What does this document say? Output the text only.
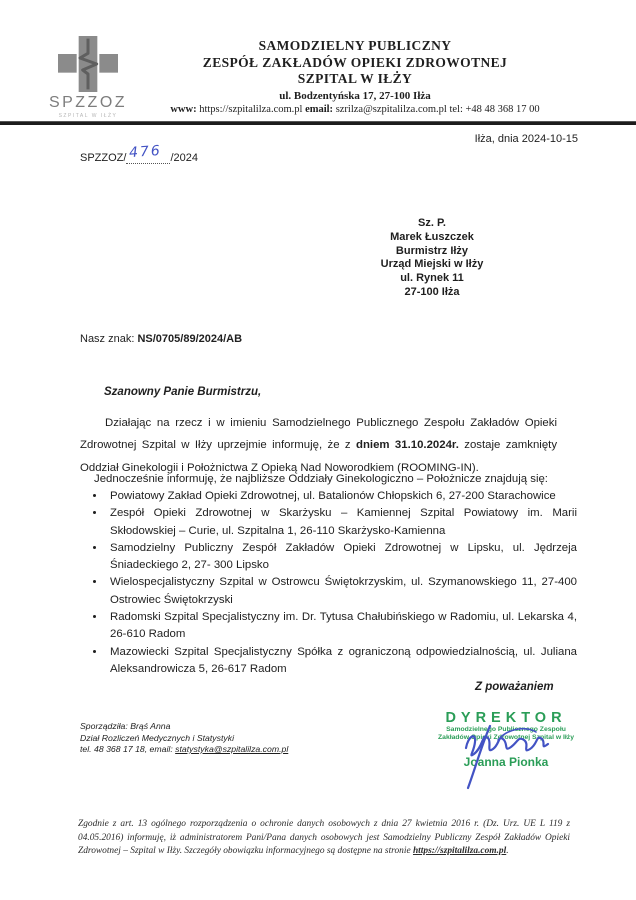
SPZZOZ
SZPITAL W IŁŻY
SAMODZIELNY PUBLICZNY
ZESPÓŁ ZAKŁADÓW OPIEKI ZDROWOTNEJ
SZPITAL W IŁŻY
ul. Bodzentyńska 17, 27-100 Iłża
www: https://szpitalilza.com.pl email: szrilza@szpitalilza.com.pl tel: +48 48 368 17 00
Iłża, dnia 2024-10-15
SPZZOZ/ 476 /2024
Sz. P.
Marek Łuszczek
Burmistrz Iłży
Urząd Miejski w Iłży
ul. Rynek 11
27-100 Iłża
Nasz znak: NS/0705/89/2024/AB
Szanowny Panie Burmistrzu,
Działając na rzecz i w imieniu Samodzielnego Publicznego Zespołu Zakładów Opieki Zdrowotnej Szpital w Iłży uprzejmie informuję, że z dniem 31.10.2024r. zostaje zamknięty Oddział Ginekologii i Położnictwa Z Opieką Nad Noworodkiem (ROOMING-IN).
Jednocześnie informuję, że najbliższe Oddziały Ginekologiczno – Położnicze znajdują się:
• Powiatowy Zakład Opieki Zdrowotnej, ul. Batalionów Chłopskich 6, 27-200 Starachowice
• Zespół Opieki Zdrowotnej w Skarżysku – Kamiennej Szpital Powiatowy im. Marii Skłodowskiej – Curie, ul. Szpitalna 1, 26-110 Skarżysko-Kamienna
• Samodzielny Publiczny Zespół Zakładów Opieki Zdrowotnej w Lipsku, ul. Jędrzeja Śniadeckiego 2, 27- 300 Lipsko
• Wielospecjalistyczny Szpital w Ostrowcu Świętokrzyskim, ul. Szymanowskiego 11, 27-400 Ostrowiec Świętokrzyski
• Radomski Szpital Specjalistyczny im. Dr. Tytusa Chałubińskiego w Radomiu, ul. Lekarska 4, 26-610 Radom
• Mazowiecki Szpital Specjalistyczny Spółka z ograniczoną odpowiedzialnością, ul. Juliana Aleksandrowicza 5, 26-617 Radom
Z poważaniem
Sporządziła: Brąś Anna
Dział Rozliczeń Medycznych i Statystyki
tel. 48 368 17 18, email: statystyka@szpitalilza.com.pl
DYREKTOR
Samodzielnego Publicznego Zespołu
Zakładów Opieki Zdrowotnej Szpital w Iłży
Joanna Pionka
Zgodnie z art. 13 ogólnego rozporządzenia o ochronie danych osobowych z dnia 27 kwietnia 2016 r. (Dz. Urz. UE L 119 z 04.05.2016) informuję, iż administratorem Pani/Pana danych osobowych jest Samodzielny Publiczny Zespół Zakładów Opieki Zdrowotnej – Szpital w Iłży. Szczegóły obowiązku informacyjnego są dostępne na stronie https://szpitalilza.com.pl.
